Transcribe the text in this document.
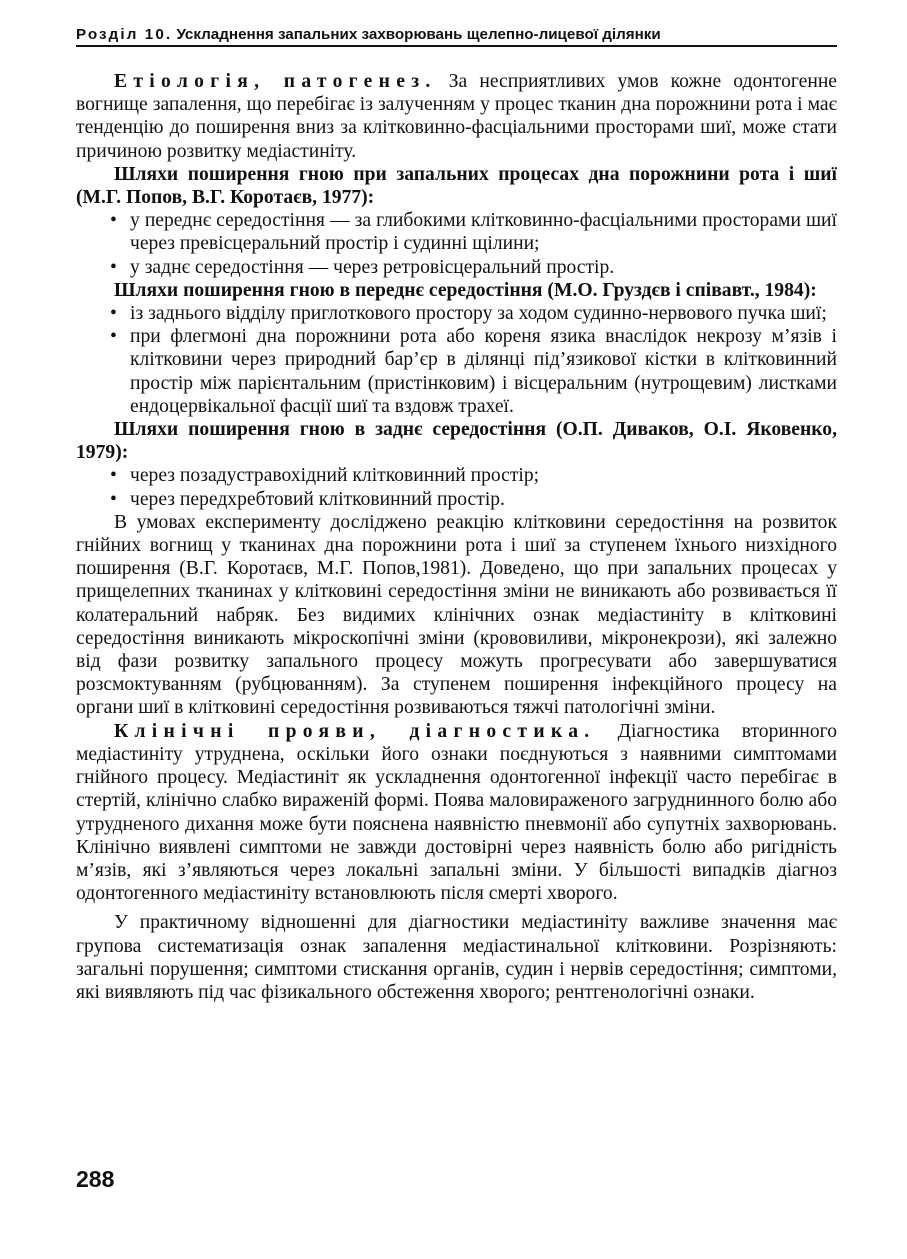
Розділ 10. Ускладнення запальних захворювань щелепно-лицевої ділянки

Етіологія, патогенез. За несприятливих умов кожне одонтогенне вогнище запалення, що перебігає із залученням у процес тканин дна порожнини рота і має тенденцію до поширення вниз за клітковинно-фасціальними просторами шиї, може стати причиною розвитку медіастиніту.

Шляхи поширення гною при запальних процесах дна порожнини рота і шиї (М.Г. Попов, В.Г. Коротаєв, 1977):

• у переднє середостіння — за глибокими клітковинно-фасціальними просторами шиї через превісцеральний простір і судинні щілини;
• у заднє середостіння — через ретровісцеральний простір.

Шляхи поширення гною в переднє середостіння (М.О. Груздєв і співавт., 1984):

• із заднього відділу приглоткового простору за ходом судинно-нервового пучка шиї;
• при флегмоні дна порожнини рота або кореня язика внаслідок некрозу м’язів і клітковини через природний бар’єр в ділянці під’язикової кістки в клітковинний простір між парієнтальним (пристінковим) і вісцеральним (нутрощевим) листками ендоцервікальної фасції шиї та вздовж трахеї.

Шляхи поширення гною в заднє середостіння (О.П. Диваков, О.І. Яковенко, 1979):

• через позадустравохідний клітковинний простір;
• через передхребтовий клітковинний простір.

В умовах експерименту досліджено реакцію клітковини середостіння на розвиток гнійних вогнищ у тканинах дна порожнини рота і шиї за ступенем їхнього низхідного поширення (В.Г. Коротаєв, М.Г. Попов,1981). Доведено, що при запальних процесах у прищелепних тканинах у клітковині середостіння зміни не виникають або розвивається її колатеральний набряк. Без видимих клінічних ознак медіастиніту в клітковині середостіння виникають мікроскопічні зміни (крововиливи, мікронекрози), які залежно від фази розвитку запального процесу можуть прогресувати або завершуватися розсмоктуванням (рубцюванням). За ступенем поширення інфекційного процесу на органи шиї в клітковині середостіння розвиваються тяжчі патологічні зміни.

Клінічні прояви, діагностика. Діагностика вторинного медіастиніту утруднена, оскільки його ознаки поєднуються з наявними симптомами гнійного процесу. Медіастиніт як ускладнення одонтогенної інфекції часто перебігає в стертій, клінічно слабко вираженій формі. Поява маловираженого загруднинного болю або утрудненого дихання може бути пояснена наявністю пневмонії або супутніх захворювань. Клінічно виявлені симптоми не завжди достовірні через наявність болю або ригідність м’язів, які з’являються через локальні запальні зміни. У більшості випадків діагноз одонтогенного медіастиніту встановлюють після смерті хворого.

У практичному відношенні для діагностики медіастиніту важливе значення має групова систематизація ознак запалення медіастинальної клітковини. Розрізняють: загальні порушення; симптоми стискання органів, судин і нервів середостіння; симптоми, які виявляють під час фізикального обстеження хворого; рентгенологічні ознаки.

288
